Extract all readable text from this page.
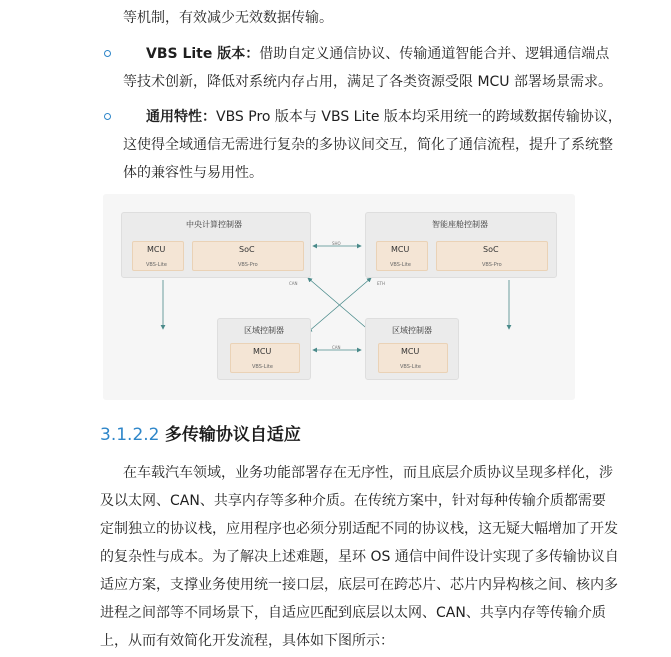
等机制，有效减少无效数据传输。
VBS Lite 版本：借助自定义通信协议、传输通道智能合并、逻辑通信端点
等技术创新，降低对系统内存占用，满足了各类资源受限 MCU 部署场景需求。
通用特性：VBS Pro 版本与 VBS Lite 版本均采用统一的跨域数据传输协议，
这使得全域通信无需进行复杂的多协议间交互，简化了通信流程，提升了系统整
体的兼容性与易用性。
SHO
CAN	ETH
CAN
中央计算控制器
MCU
VBS-Lite
SoC
VBS-Pro
智能座舱控制器
MCU
VBS-Lite
SoC
VBS-Pro
区域控制器
MCU
VBS-Lite
区域控制器
MCU
VBS-Lite
3.1.2.2 多传输协议自适应
在车载汽车领域，业务功能部署存在无序性，而且底层介质协议呈现多样化，涉
及以太网、CAN、共享内存等多种介质。在传统方案中，针对每种传输介质都需要
定制独立的协议栈，应用程序也必须分别适配不同的协议栈，这无疑大幅增加了开发
的复杂性与成本。为了解决上述难题，星环 OS 通信中间件设计实现了多传输协议自
适应方案，支撑业务使用统一接口层，底层可在跨芯片、芯片内异构核之间、核内多
进程之间部等不同场景下，自适应匹配到底层以太网、CAN、共享内存等传输介质
上，从而有效简化开发流程，具体如下图所示：
